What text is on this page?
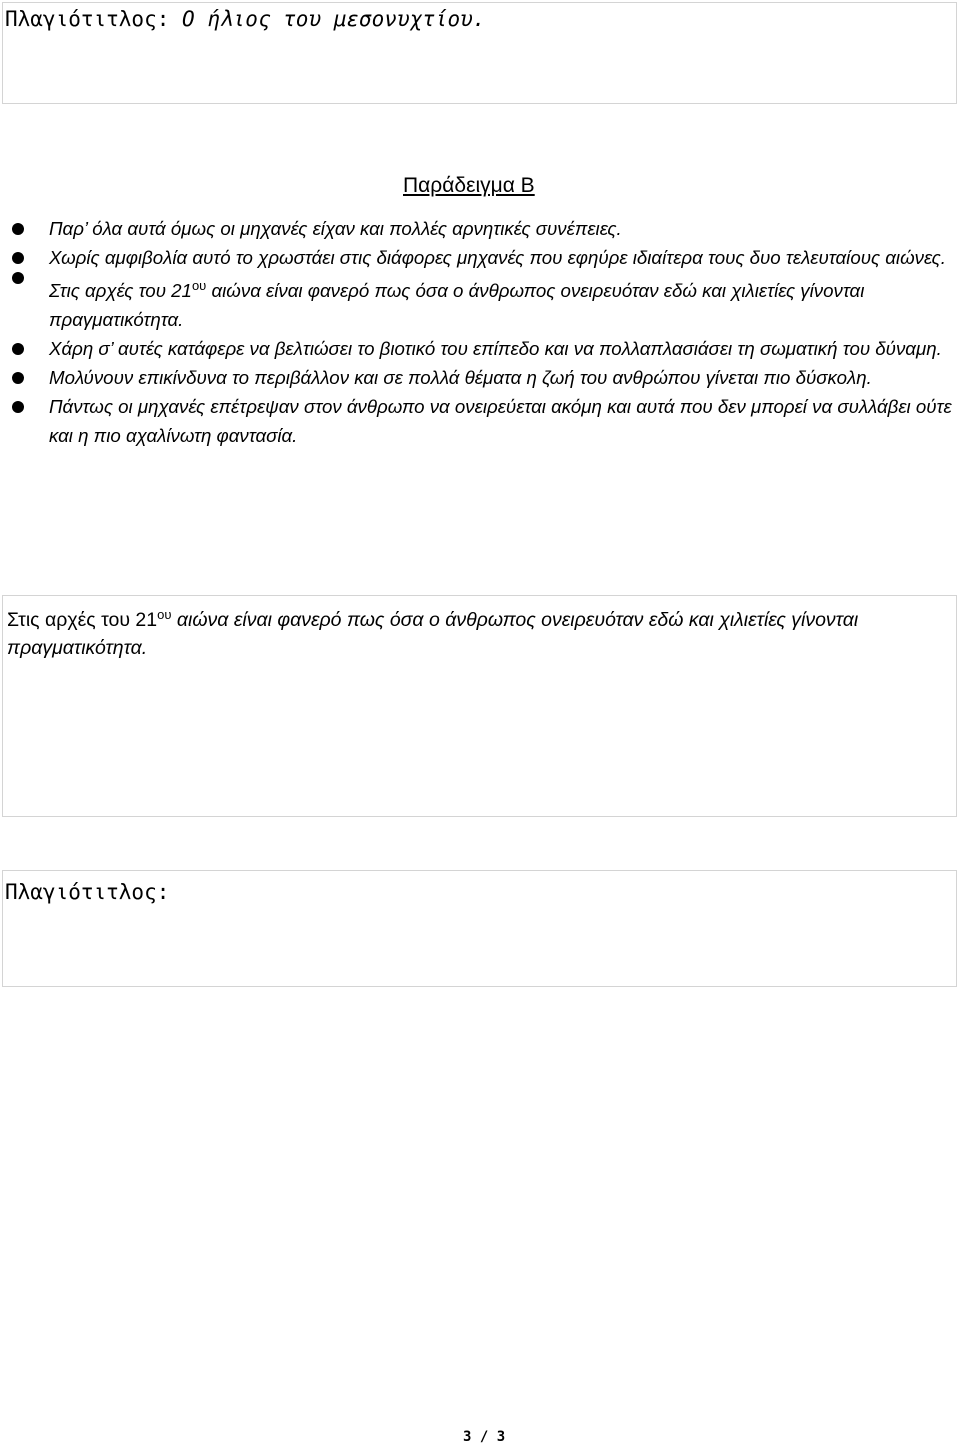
Πλαγιότιτλος: Ο ήλιος του μεσονυχτίου.
Παράδειγμα Β
Παρ’ όλα αυτά όμως οι μηχανές είχαν και πολλές αρνητικές συνέπειες.
Χωρίς αμφιβολία αυτό το χρωστάει στις διάφορες μηχανές που εφηύρε ιδιαίτερα τους δυο τελευταίους αιώνες.
Στις αρχές του $21^{o\upsilon}$ αιώνα είναι φανερό πως όσα ο άνθρωπος ονειρευόταν εδώ και χιλιετίες γίνονται πραγματικότητα.
Χάρη σ’ αυτές κατάφερε να βελτιώσει το βιοτικό του επίπεδο και να πολλαπλασιάσει τη σωματική του δύναμη.
Μολύνουν επικίνδυνα το περιβάλλον και σε πολλά θέματα η ζωή του ανθρώπου γίνεται πιο δύσκολη.
Πάντως οι μηχανές επέτρεψαν στον άνθρωπο να ονειρεύεται ακόμη και αυτά που δεν μπορεί να συλλάβει ούτε και η πιο αχαλίνωτη φαντασία.
Στις αρχές του $21^{o\upsilon}$ αιώνα είναι φανερό πως όσα ο άνθρωπος ονειρευόταν εδώ και χιλιετίες γίνονται πραγματικότητα.
Πλαγιότιτλος:
3 / 3
